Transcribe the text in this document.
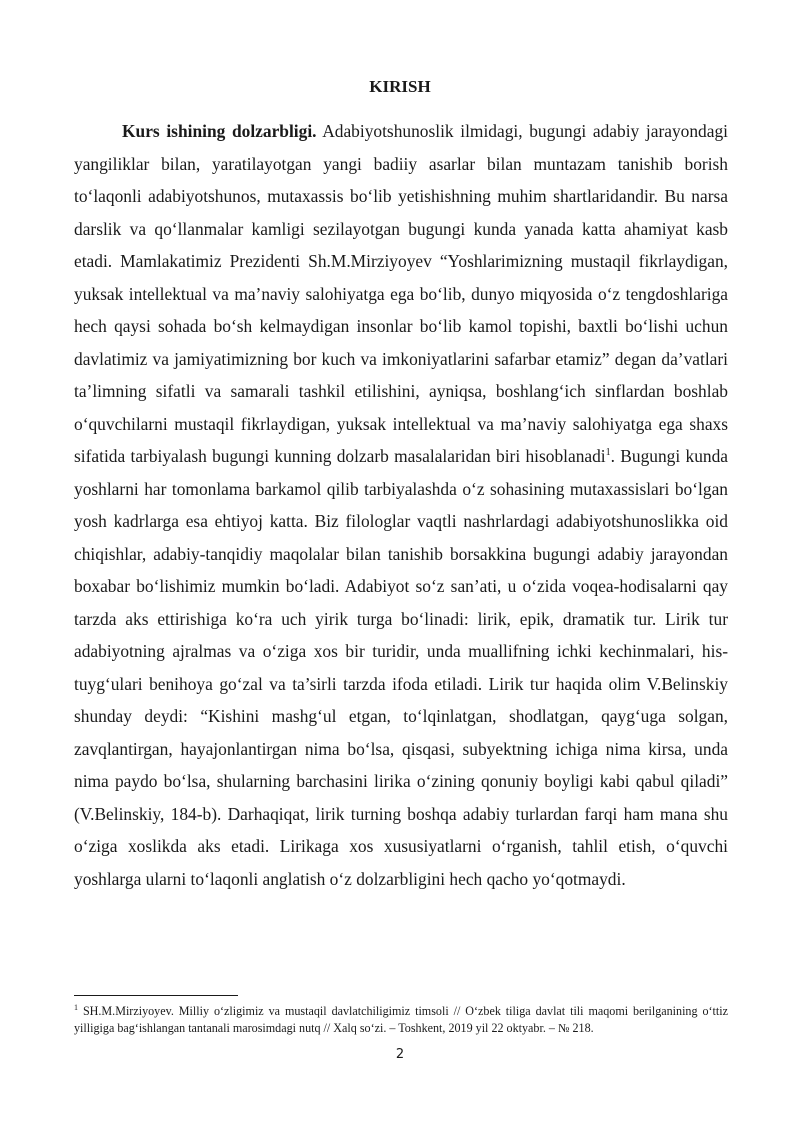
KIRISH

Kurs ishining dolzarbligi. Adabiyotshunoslik ilmidagi, bugungi adabiy jarayondagi yangiliklar bilan, yaratilayotgan yangi badiiy asarlar bilan muntazam tanishib borish to‘laqonli adabiyotshunos, mutaxassis bo‘lib yetishishning muhim shartlaridandir. Bu narsa darslik va qo‘llanmalar kamligi sezilayotgan bugungi kunda yanada katta ahamiyat kasb etadi. Mamlakatimiz Prezidenti Sh.M.Mirziyoyev “Yoshlarimizning mustaqil fikrlaydigan, yuksak intellektual va ma’naviy salohiyatga ega bo‘lib, dunyo miqyosida o‘z tengdoshlariga hech qaysi sohada bo‘sh kelmaydigan insonlar bo‘lib kamol topishi, baxtli bo‘lishi uchun davlatimiz va jamiyatimizning bor kuch va imkoniyatlarini safarbar etamiz” degan da’vatlari ta’limning sifatli va samarali tashkil etilishini, ayniqsa, boshlang‘ich sinflardan boshlab o‘quvchilarni mustaqil fikrlaydigan, yuksak intellektual va ma’naviy salohiyatga ega shaxs sifatida tarbiyalash bugungi kunning dolzarb masalalaridan biri hisoblanadi$^1$. Bugungi kunda yoshlarni har tomonlama barkamol qilib tarbiyalashda o‘z sohasining mutaxassislari bo‘lgan yosh kadrlarga esa ehtiyoj katta. Biz filologlar vaqtli nashrlardagi adabiyotshunoslikka oid chiqishlar, adabiy-tanqidiy maqolalar bilan tanishib borsakkina bugungi adabiy jarayondan boxabar bo‘lishimiz mumkin bo‘ladi. Adabiyot so‘z san’ati, u o‘zida voqea-hodisalarni qay tarzda aks ettirishiga ko‘ra uch yirik turga bo‘linadi: lirik, epik, dramatik tur. Lirik tur adabiyotning ajralmas va o‘ziga xos bir turidir, unda muallifning ichki kechinmalari, his-tuyg‘ulari benihoya go‘zal va ta’sirli tarzda ifoda etiladi. Lirik tur haqida olim V.Belinskiy shunday deydi: “Kishini mashg‘ul etgan, to‘lqinlatgan, shodlatgan, qayg‘uga solgan, zavqlantirgan, hayajonlantirgan nima bo‘lsa, qisqasi, subyektning ichiga nima kirsa, unda nima paydo bo‘lsa, shularning barchasini lirika o‘zining qonuniy boyligi kabi qabul qiladi” (V.Belinskiy, 184-b). Darhaqiqat, lirik turning boshqa adabiy turlardan farqi ham mana shu o‘ziga xoslikda aks etadi. Lirikaga xos xususiyatlarni o‘rganish, tahlil etish, o‘quvchi yoshlarga ularni to‘laqonli anglatish o‘z dolzarbligini hech qacho yo‘qotmaydi.

$^1$ SH.M.Mirziyoyev. Milliy o‘zligimiz va mustaqil davlatchiligimiz timsoli // O‘zbek tiliga davlat tili maqomi berilganining o‘ttiz yilligiga bag‘ishlangan tantanali marosimdagi nutq // Xalq so‘zi. – Toshkent, 2019 yil 22 oktyabr. – № 218.

2
